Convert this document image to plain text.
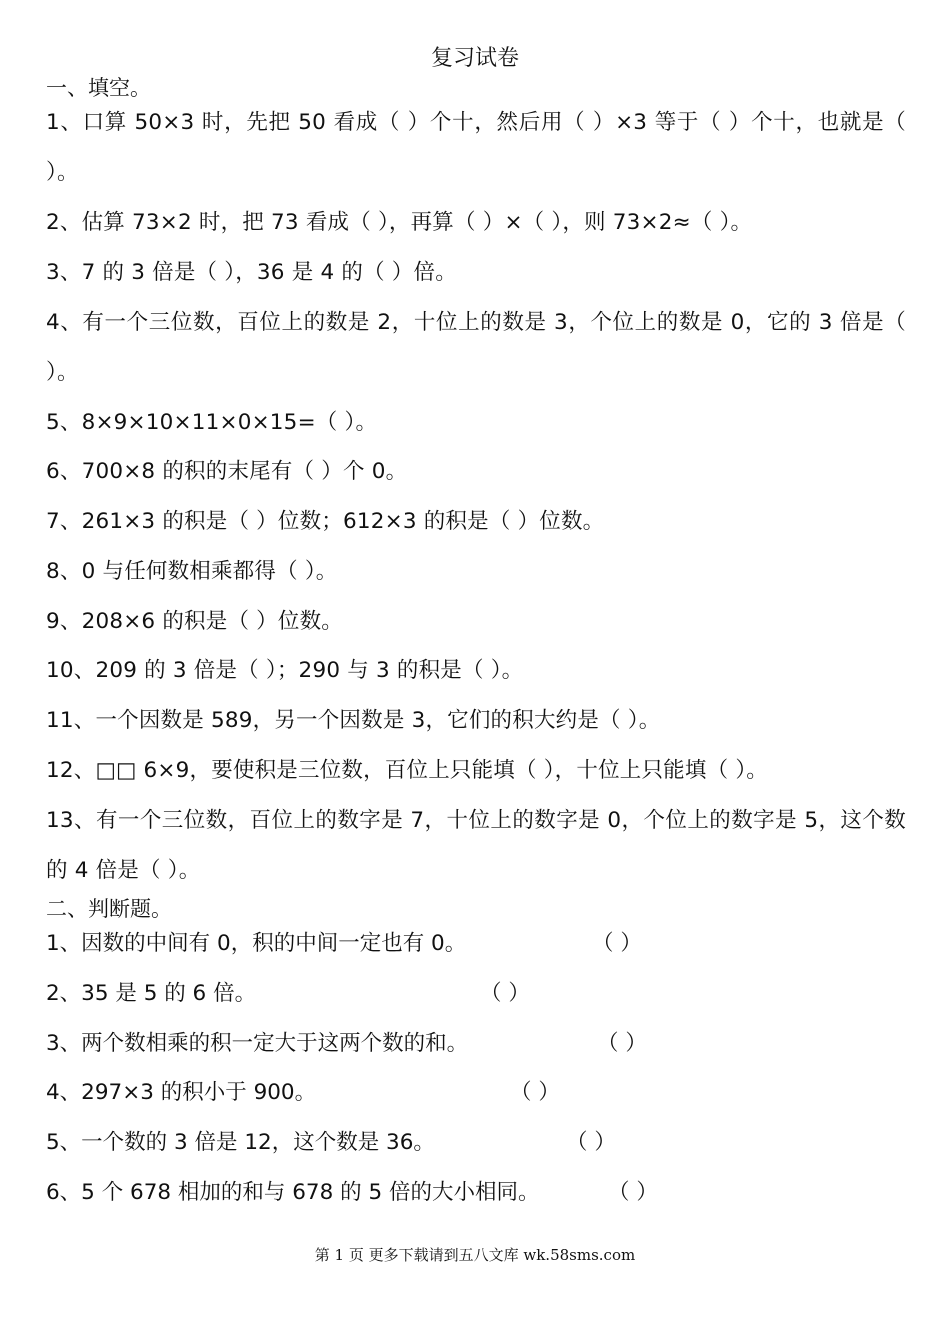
复习试卷
一、填空。
1、口算 50×3 时，先把 50 看成（ ）个十，然后用（ ）×3 等于（ ）个十，也就是（ ）。
2、估算 73×2 时，把 73 看成（ ），再算（ ）×（ ），则 73×2≈（ ）。
3、7 的 3 倍是（ ），36 是 4 的（ ）倍。
4、有一个三位数，百位上的数是 2，十位上的数是 3，个位上的数是 0，它的 3 倍是（ ）。
5、8×9×10×11×0×15=（ ）。
6、700×8 的积的末尾有（ ）个 0。
7、261×3 的积是（ ）位数；612×3 的积是（ ）位数。
8、0 与任何数相乘都得（ ）。
9、208×6 的积是（ ）位数。
10、209 的 3 倍是（ ）；290 与 3 的积是（ ）。
11、一个因数是 589，另一个因数是 3，它们的积大约是（ ）。
12、□□ 6×9，要使积是三位数，百位上只能填（ ），十位上只能填（ ）。
13、有一个三位数，百位上的数字是 7，十位上的数字是 0，个位上的数字是 5，这个数的 4 倍是（ ）。
二、判断题。
1、因数的中间有 0，积的中间一定也有 0。	（ ）
2、35 是 5 的 6 倍。	（ ）
3、两个数相乘的积一定大于这两个数的和。	（ ）
4、297×3 的积小于 900。	（ ）
5、一个数的 3 倍是 12，这个数是 36。	（ ）
6、5 个 678 相加的和与 678 的 5 倍的大小相同。	（ ）
第 1 页 更多下载请到五八文库 wk.58sms.com
